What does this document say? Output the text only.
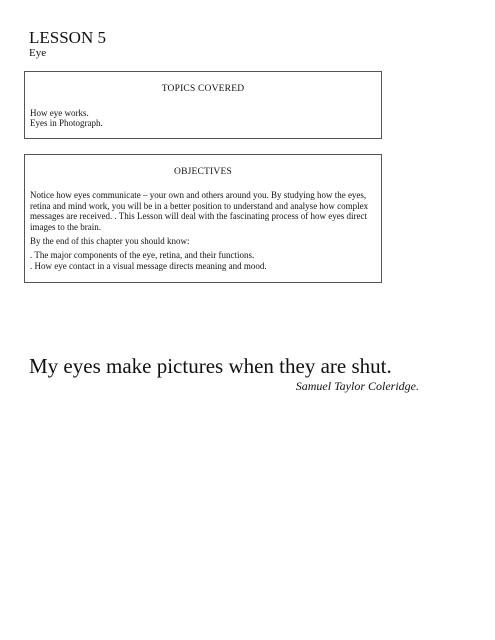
LESSON 5
Eye
TOPICS COVERED
How eye works.
Eyes in Photograph.
OBJECTIVES

Notice how eyes communicate – your own and others around you. By studying how the eyes, retina and mind work, you will be in a better position to understand and analyse how complex messages are received. . This Lesson will deal with the fascinating process of how eyes direct images to the brain.

By the end of this chapter you should know:

. The major components of the eye, retina, and their functions.
. How eye contact in a visual message directs meaning and mood.

My eyes make pictures when they are shut.

Samuel Taylor Coleridge.
